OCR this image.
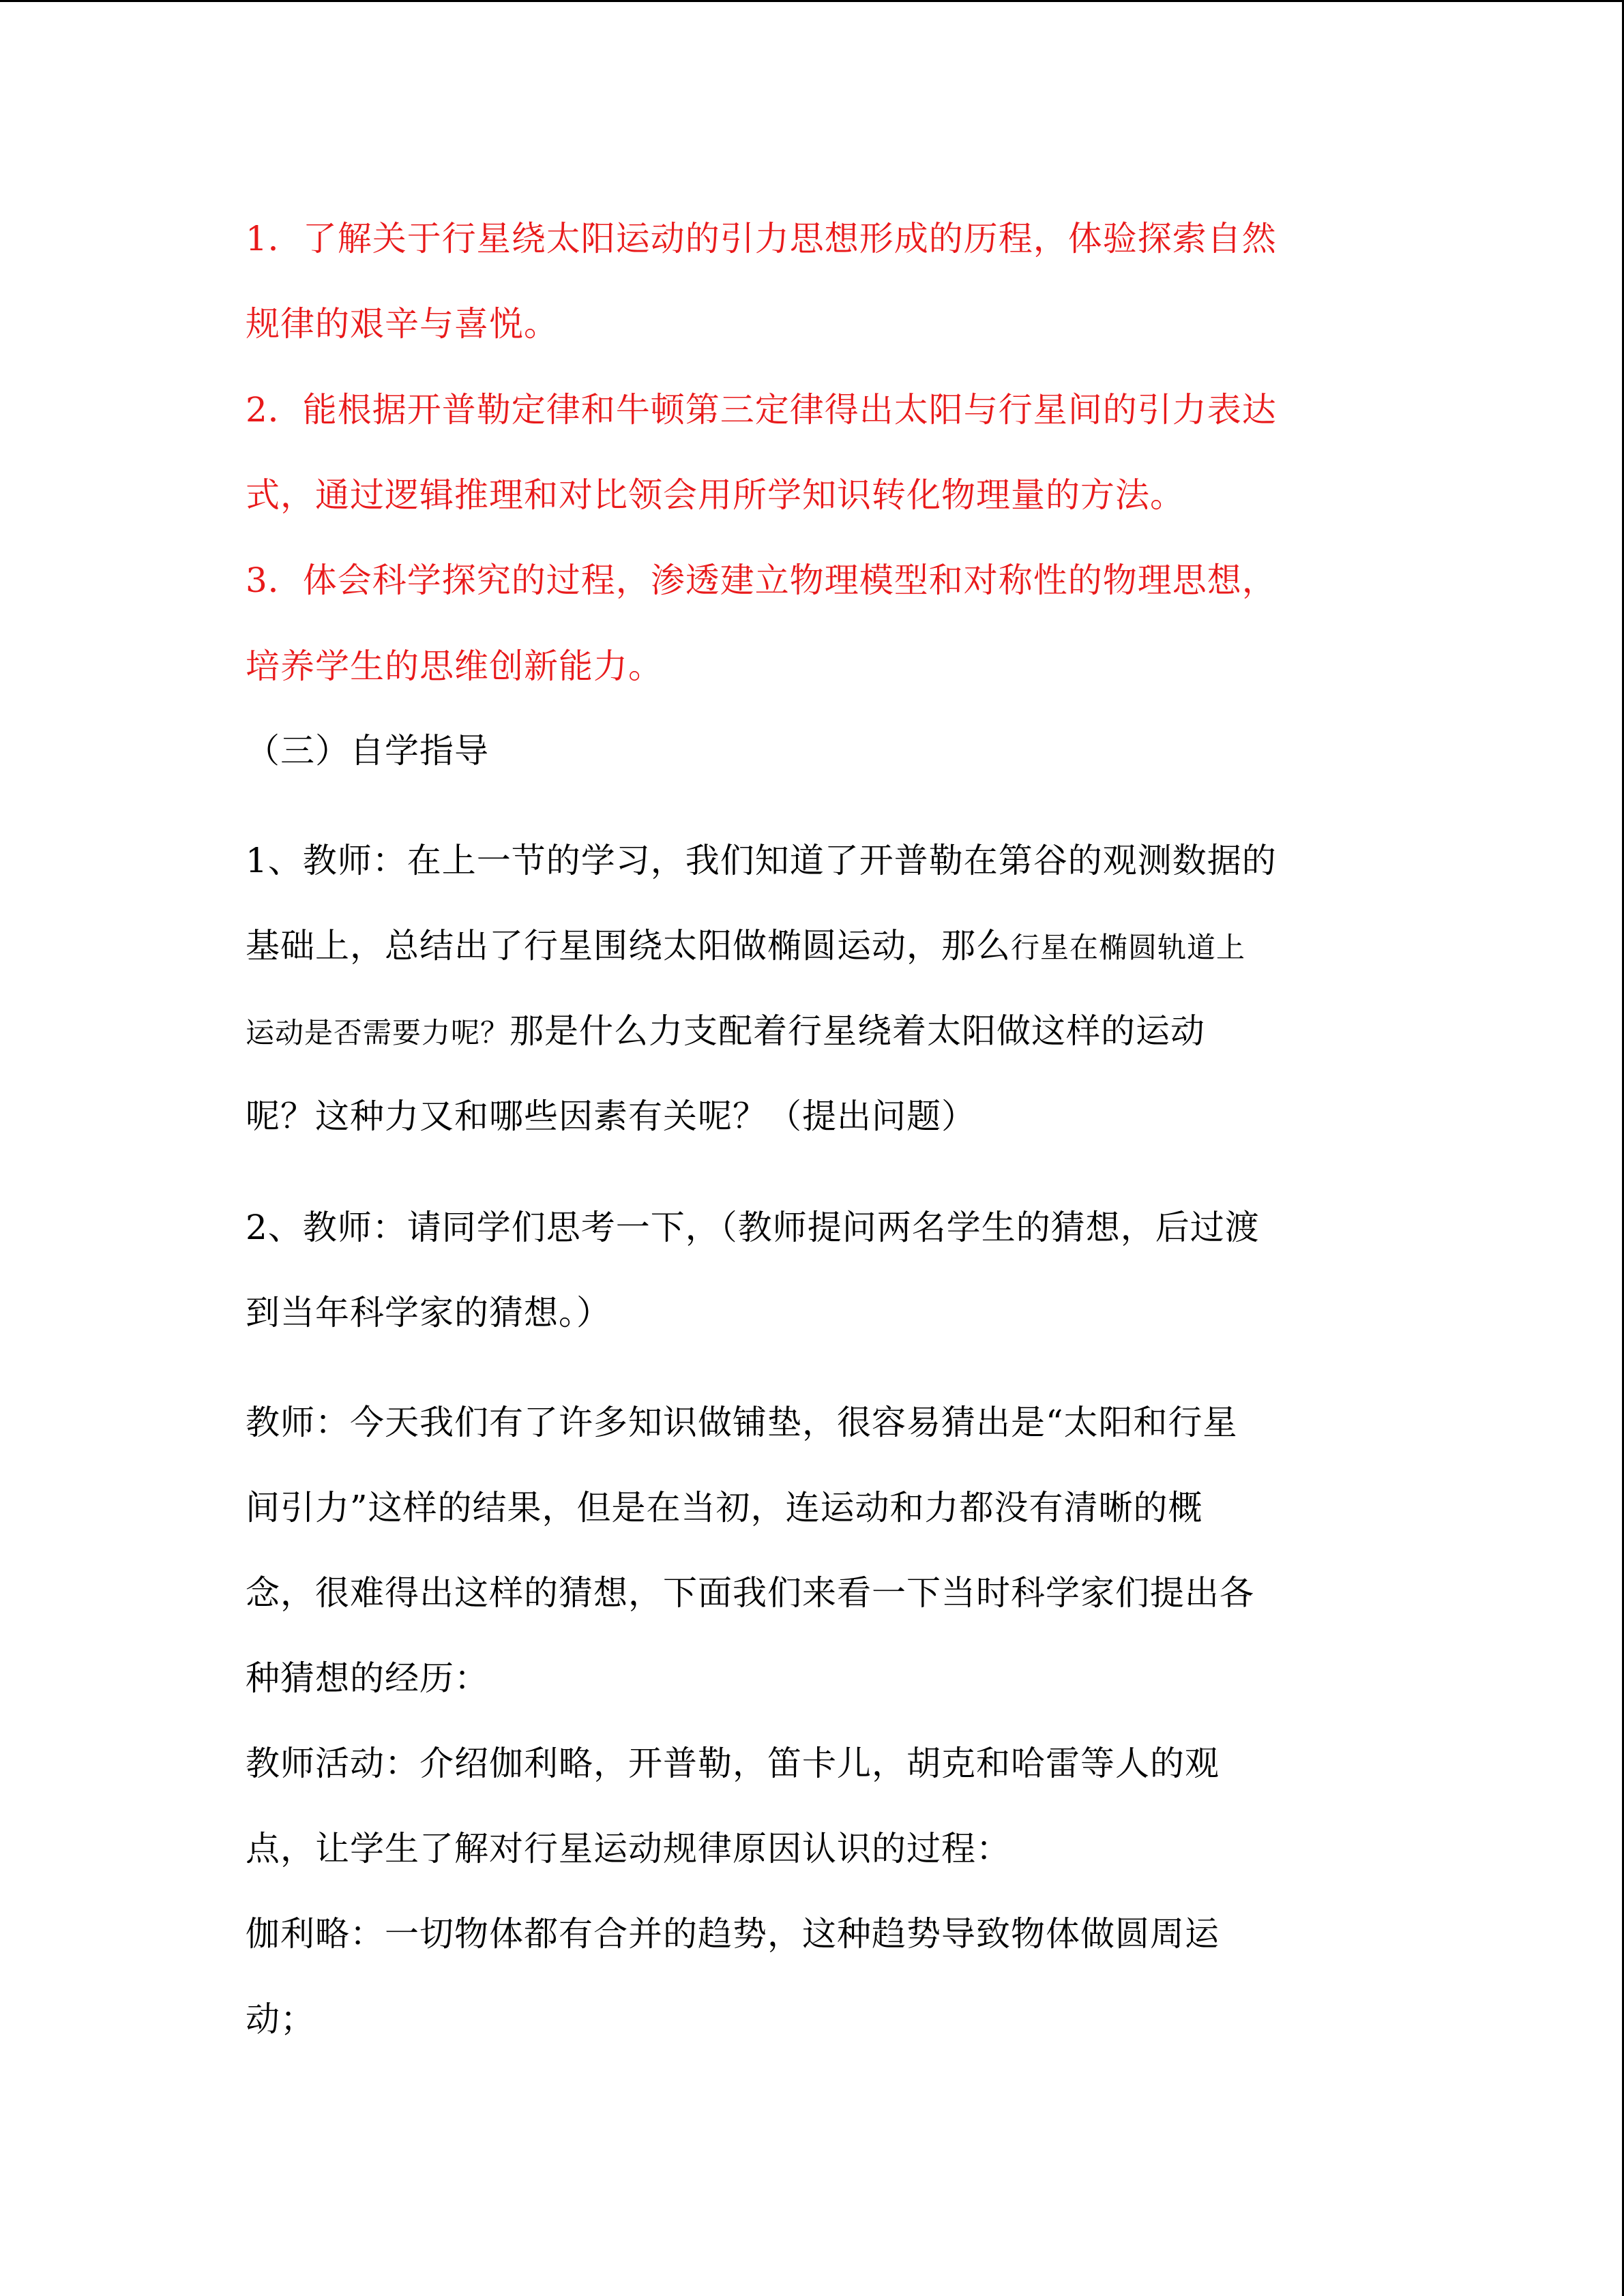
1．了解关于行星绕太阳运动的引力思想形成的历程，体验探索自然
规律的艰辛与喜悦。
2．能根据开普勒定律和牛顿第三定律得出太阳与行星间的引力表达
式，通过逻辑推理和对比领会用所学知识转化物理量的方法。
3．体会科学探究的过程，渗透建立物理模型和对称性的物理思想，
培养学生的思维创新能力。
（三）自学指导
1、教师：在上一节的学习，我们知道了开普勒在第谷的观测数据的
基础上，总结出了行星围绕太阳做椭圆运动，那么行星在椭圆轨道上
运动是否需要力呢？那是什么力支配着行星绕着太阳做这样的运动
呢？这种力又和哪些因素有关呢？（提出问题）
2、教师：请同学们思考一下，（教师提问两名学生的猜想，后过渡
到当年科学家的猜想。）
教师：今天我们有了许多知识做铺垫，很容易猜出是“太阳和行星
间引力”这样的结果，但是在当初，连运动和力都没有清晰的概
念，很难得出这样的猜想，下面我们来看一下当时科学家们提出各
种猜想的经历：
教师活动：介绍伽利略，开普勒，笛卡儿，胡克和哈雷等人的观
点，让学生了解对行星运动规律原因认识的过程：
伽利略：一切物体都有合并的趋势，这种趋势导致物体做圆周运
动；
